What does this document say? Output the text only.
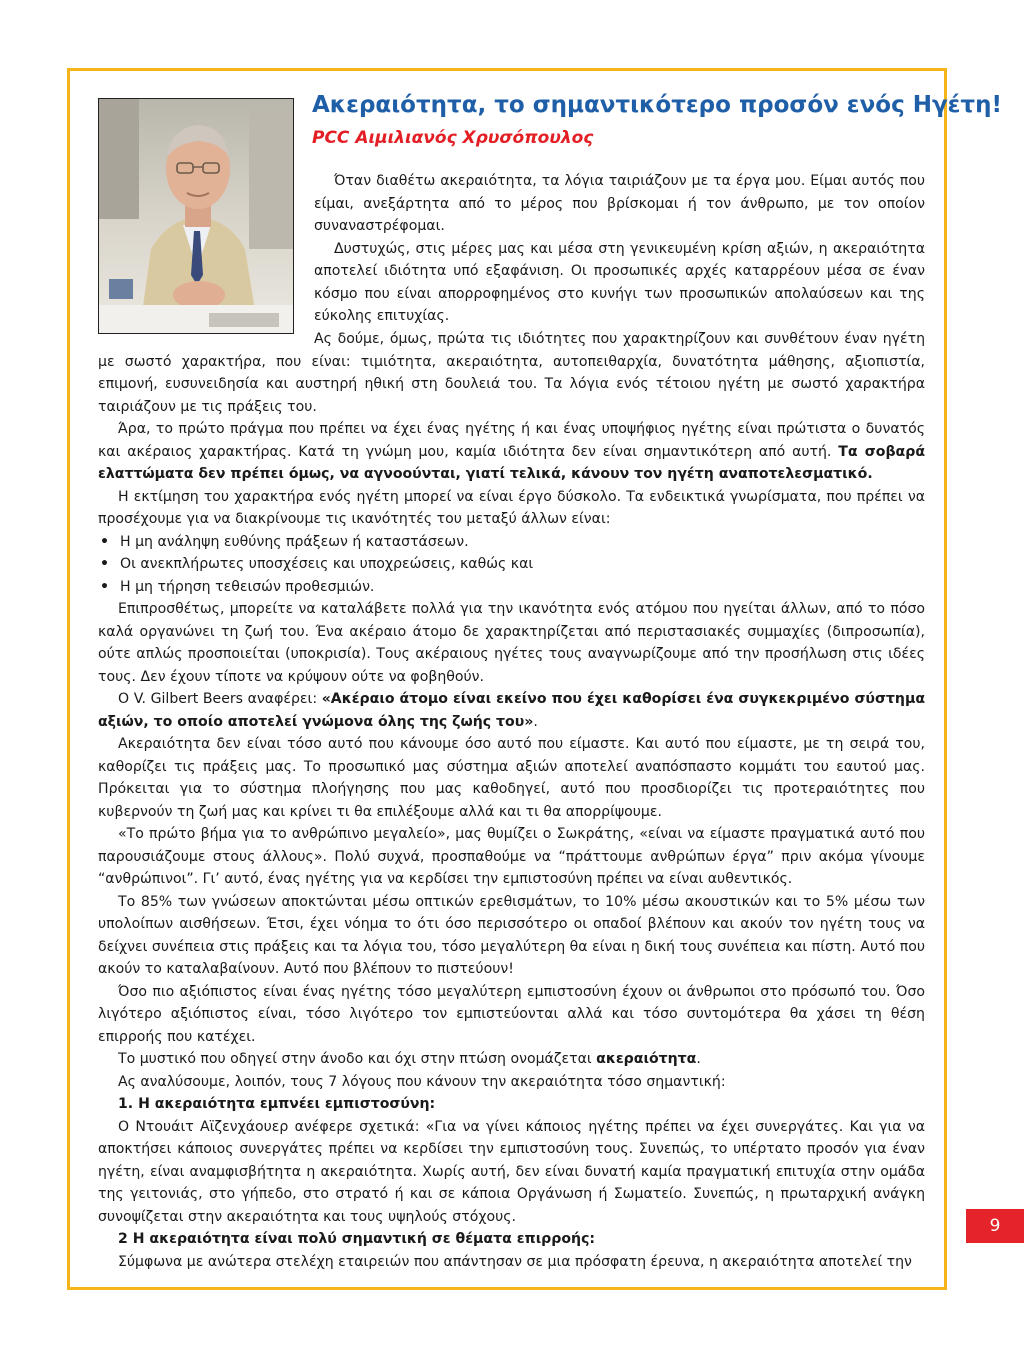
Ακεραιότητα, το σημαντικότερο προσόν ενός Ηγέτη!
PCC Αιμιλιανός Χρυσόπουλος

Όταν διαθέτω ακεραιότητα, τα λόγια ταιριάζουν με τα έργα μου. Είμαι αυτός που είμαι, ανεξάρτητα από το μέρος που βρίσκομαι ή τον άνθρωπο, με τον οποίον συναναστρέφομαι.

Δυστυχώς, στις μέρες μας και μέσα στη γενικευμένη κρίση αξιών, η ακεραιότητα αποτελεί ιδιότητα υπό εξαφάνιση. Οι προσωπικές αρχές καταρρέουν μέσα σε έναν κόσμο που είναι απορροφημένος στο κυνήγι των προσωπικών απολαύσεων και της εύκολης επιτυχίας.

Ας δούμε, όμως, πρώτα τις ιδιότητες που χαρακτηρίζουν και συνθέτουν έναν ηγέτη με σωστό χαρακτήρα, που είναι: τιμιότητα, ακεραιότητα, αυτοπειθαρχία, δυνατότητα μάθησης, αξιοπιστία, επιμονή, ευσυνειδησία και αυστηρή ηθική στη δουλειά του. Τα λόγια ενός τέτοιου ηγέτη με σωστό χαρακτήρα ταιριάζουν με τις πράξεις του.

Άρα, το πρώτο πράγμα που πρέπει να έχει ένας ηγέτης ή και ένας υποψήφιος ηγέτης είναι πρώτιστα ο δυνατός και ακέραιος χαρακτήρας. Κατά τη γνώμη μου, καμία ιδιότητα δεν είναι σημαντικότερη από αυτή. Τα σοβαρά ελαττώματα δεν πρέπει όμως, να αγνοούνται, γιατί τελικά, κάνουν τον ηγέτη αναποτελεσματικό.

Η εκτίμηση του χαρακτήρα ενός ηγέτη μπορεί να είναι έργο δύσκολο. Τα ενδεικτικά γνωρίσματα, που πρέπει να προσέχουμε για να διακρίνουμε τις ικανότητές του μεταξύ άλλων είναι:

• Η μη ανάληψη ευθύνης πράξεων ή καταστάσεων.
• Οι ανεκπλήρωτες υποσχέσεις και υποχρεώσεις, καθώς και
• Η μη τήρηση τεθεισών προθεσμιών.

Επιπροσθέτως, μπορείτε να καταλάβετε πολλά για την ικανότητα ενός ατόμου που ηγείται άλλων, από το πόσο καλά οργανώνει τη ζωή του. Ένα ακέραιο άτομο δε χαρακτηρίζεται από περιστασιακές συμμαχίες (διπροσωπία), ούτε απλώς προσποιείται (υποκρισία). Τους ακέραιους ηγέτες τους αναγνωρίζουμε από την προσήλωση στις ιδέες τους. Δεν έχουν τίποτε να κρύψουν ούτε να φοβηθούν.

Ο V. Gilbert Beers αναφέρει: «Ακέραιο άτομο είναι εκείνο που έχει καθορίσει ένα συγκεκριμένο σύστημα αξιών, το οποίο αποτελεί γνώμονα όλης της ζωής του».

Ακεραιότητα δεν είναι τόσο αυτό που κάνουμε όσο αυτό που είμαστε. Και αυτό που είμαστε, με τη σειρά του, καθορίζει τις πράξεις μας. Το προσωπικό μας σύστημα αξιών αποτελεί αναπόσπαστο κομμάτι του εαυτού μας. Πρόκειται για το σύστημα πλοήγησης που μας καθοδηγεί, αυτό που προσδιορίζει τις προτεραιότητες που κυβερνούν τη ζωή μας και κρίνει τι θα επιλέξουμε αλλά και τι θα απορρίψουμε.

«Το πρώτο βήμα για το ανθρώπινο μεγαλείο», μας θυμίζει ο Σωκράτης, «είναι να είμαστε πραγματικά αυτό που παρουσιάζουμε στους άλλους». Πολύ συχνά, προσπαθούμε να “πράττουμε ανθρώπων έργα” πριν ακόμα γίνουμε “ανθρώπινοι”. Γι’ αυτό, ένας ηγέτης για να κερδίσει την εμπιστοσύνη πρέπει να είναι αυθεντικός.

Το 85% των γνώσεων αποκτώνται μέσω οπτικών ερεθισμάτων, το 10% μέσω ακουστικών και το 5% μέσω των υπολοίπων αισθήσεων. Έτσι, έχει νόημα το ότι όσο περισσότερο οι οπαδοί βλέπουν και ακούν τον ηγέτη τους να δείχνει συνέπεια στις πράξεις και τα λόγια του, τόσο μεγαλύτερη θα είναι η δική τους συνέπεια και πίστη. Αυτό που ακούν το καταλαβαίνουν. Αυτό που βλέπουν το πιστεύουν!

Όσο πιο αξιόπιστος είναι ένας ηγέτης τόσο μεγαλύτερη εμπιστοσύνη έχουν οι άνθρωποι στο πρόσωπό του. Όσο λιγότερο αξιόπιστος είναι, τόσο λιγότερο τον εμπιστεύονται αλλά και τόσο συντομότερα θα χάσει τη θέση επιρροής που κατέχει.

Το μυστικό που οδηγεί στην άνοδο και όχι στην πτώση ονομάζεται ακεραιότητα.

Ας αναλύσουμε, λοιπόν, τους 7 λόγους που κάνουν την ακεραιότητα τόσο σημαντική:

1. Η ακεραιότητα εμπνέει εμπιστοσύνη:

Ο Ντουάιτ Αϊζενχάουερ ανέφερε σχετικά: «Για να γίνει κάποιος ηγέτης πρέπει να έχει συνεργάτες. Και για να αποκτήσει κάποιος συνεργάτες πρέπει να κερδίσει την εμπιστοσύνη τους. Συνεπώς, το υπέρτατο προσόν για έναν ηγέτη, είναι αναμφισβήτητα η ακεραιότητα. Χωρίς αυτή, δεν είναι δυνατή καμία πραγματική επιτυχία στην ομάδα της γειτονιάς, στο γήπεδο, στο στρατό ή και σε κάποια Οργάνωση ή Σωματείο. Συνεπώς, η πρωταρχική ανάγκη συνοψίζεται στην ακεραιότητα και τους υψηλούς στόχους.

2 Η ακεραιότητα είναι πολύ σημαντική σε θέματα επιρροής:

Σύμφωνα με ανώτερα στελέχη εταιρειών που απάντησαν σε μια πρόσφατη έρευνα, η ακεραιότητα αποτελεί την

9
